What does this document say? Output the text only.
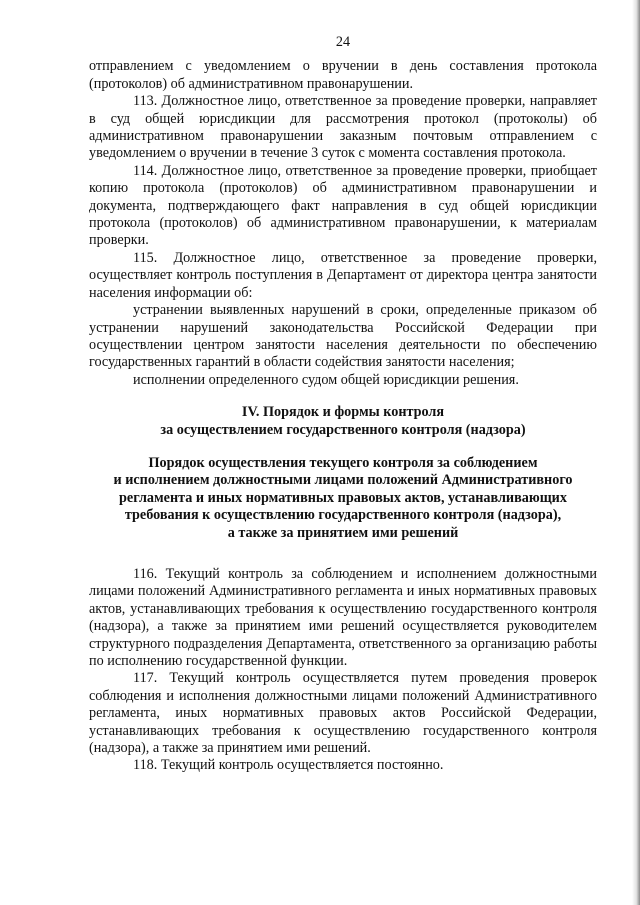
24

отправлением с уведомлением о вручении в день составления протокола (протоколов) об административном правонарушении.

113. Должностное лицо, ответственное за проведение проверки, направляет в суд общей юрисдикции для рассмотрения протокол (протоколы) об административном правонарушении заказным почтовым отправлением с уведомлением о вручении в течение 3 суток с момента составления протокола.

114. Должностное лицо, ответственное за проведение проверки, приобщает копию протокола (протоколов) об административном правонарушении и документа, подтверждающего факт направления в суд общей юрисдикции протокола (протоколов) об административном правонарушении, к материалам проверки.

115. Должностное лицо, ответственное за проведение проверки, осуществляет контроль поступления в Департамент от директора центра занятости населения информации об:

устранении выявленных нарушений в сроки, определенные приказом об устранении нарушений законодательства Российской Федерации при осуществлении центром занятости населения деятельности по обеспечению государственных гарантий в области содействия занятости населения;

исполнении определенного судом общей юрисдикции решения.

IV. Порядок и формы контроля
за осуществлением государственного контроля (надзора)
Порядок осуществления текущего контроля за соблюдением
и исполнением должностными лицами положений Административного
регламента и иных нормативных правовых актов, устанавливающих
требования к осуществлению государственного контроля (надзора),
а также за принятием ими решений

116. Текущий контроль за соблюдением и исполнением должностными лицами положений Административного регламента и иных нормативных правовых актов, устанавливающих требования к осуществлению государственного контроля (надзора), а также за принятием ими решений осуществляется руководителем структурного подразделения Департамента, ответственного за организацию работы по исполнению государственной функции.

117. Текущий контроль осуществляется путем проведения проверок соблюдения и исполнения должностными лицами положений Административного регламента, иных нормативных правовых актов Российской Федерации, устанавливающих требования к осуществлению государственного контроля (надзора), а также за принятием ими решений.

118. Текущий контроль осуществляется постоянно.
